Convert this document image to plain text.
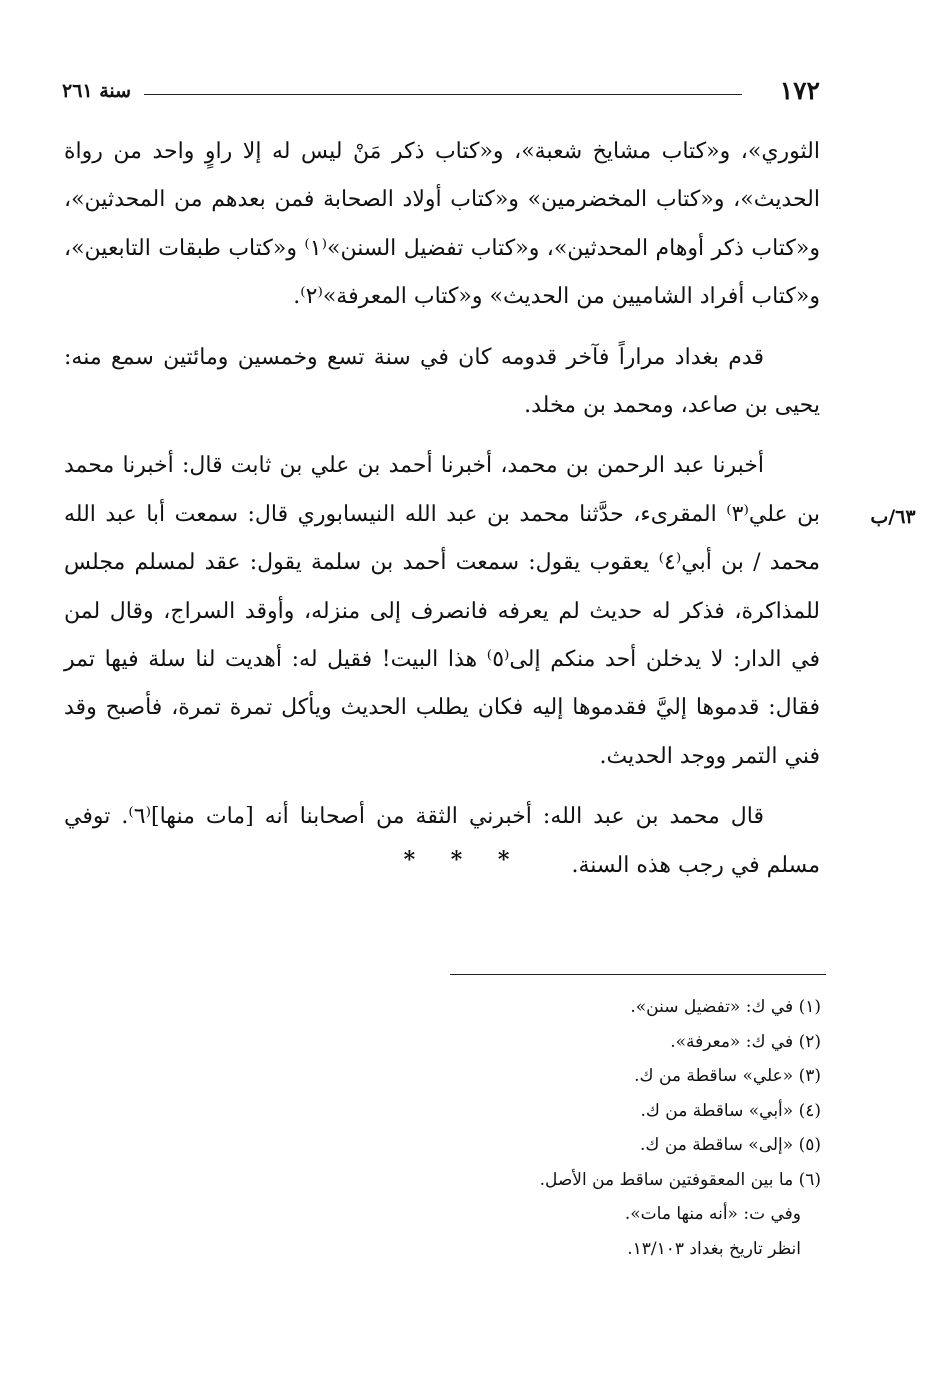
١٧٢
سنة ٢٦١

الثوري»، و«كتاب مشايخ شعبة»، و«كتاب ذكر مَنْ ليس له إلا راوٍ واحد من رواة الحديث»، و«كتاب المخضرمين» و«كتاب أولاد الصحابة فمن بعدهم من المحدثين»، و«كتاب ذكر أوهام المحدثين»، و«كتاب تفضيل السنن»⁽١⁾ و«كتاب طبقات التابعين»، و«كتاب أفراد الشاميين من الحديث» و«كتاب المعرفة»⁽٢⁾.

قدم بغداد مراراً فآخر قدومه كان في سنة تسع وخمسين ومائتين سمع منه: يحيى بن صاعد، ومحمد بن مخلد.

أخبرنا عبد الرحمن بن محمد، أخبرنا أحمد بن علي بن ثابت قال: أخبرنا محمد بن علي⁽٣⁾ المقرىء، حدَّثنا محمد بن عبد الله النيسابوري قال: سمعت أبا عبد الله محمد / بن أبي⁽٤⁾ يعقوب يقول: سمعت أحمد بن سلمة يقول: عقد لمسلم مجلس للمذاكرة، فذكر له حديث لم يعرفه فانصرف إلى منزله، وأوقد السراج، وقال لمن في الدار: لا يدخلن أحد منكم إلى⁽٥⁾ هذا البيت! فقيل له: أهديت لنا سلة فيها تمر فقال: قدموها إليَّ فقدموها إليه فكان يطلب الحديث ويأكل تمرة تمرة، فأصبح وقد فني التمر ووجد الحديث.

قال محمد بن عبد الله: أخبرني الثقة من أصحابنا أنه [مات منها]⁽٦⁾. توفي مسلم في رجب هذه السنة.

٦٣/ب
* * *

(١) في ك: «تفضيل سنن».

(٢) في ك: «معرفة».

(٣) «علي» ساقطة من ك.

(٤) «أبي» ساقطة من ك.

(٥) «إلى» ساقطة من ك.

(٦) ما بين المعقوفتين ساقط من الأصل.

وفي ت: «أنه منها مات».

انظر تاريخ بغداد ١٣/١٠٣.
